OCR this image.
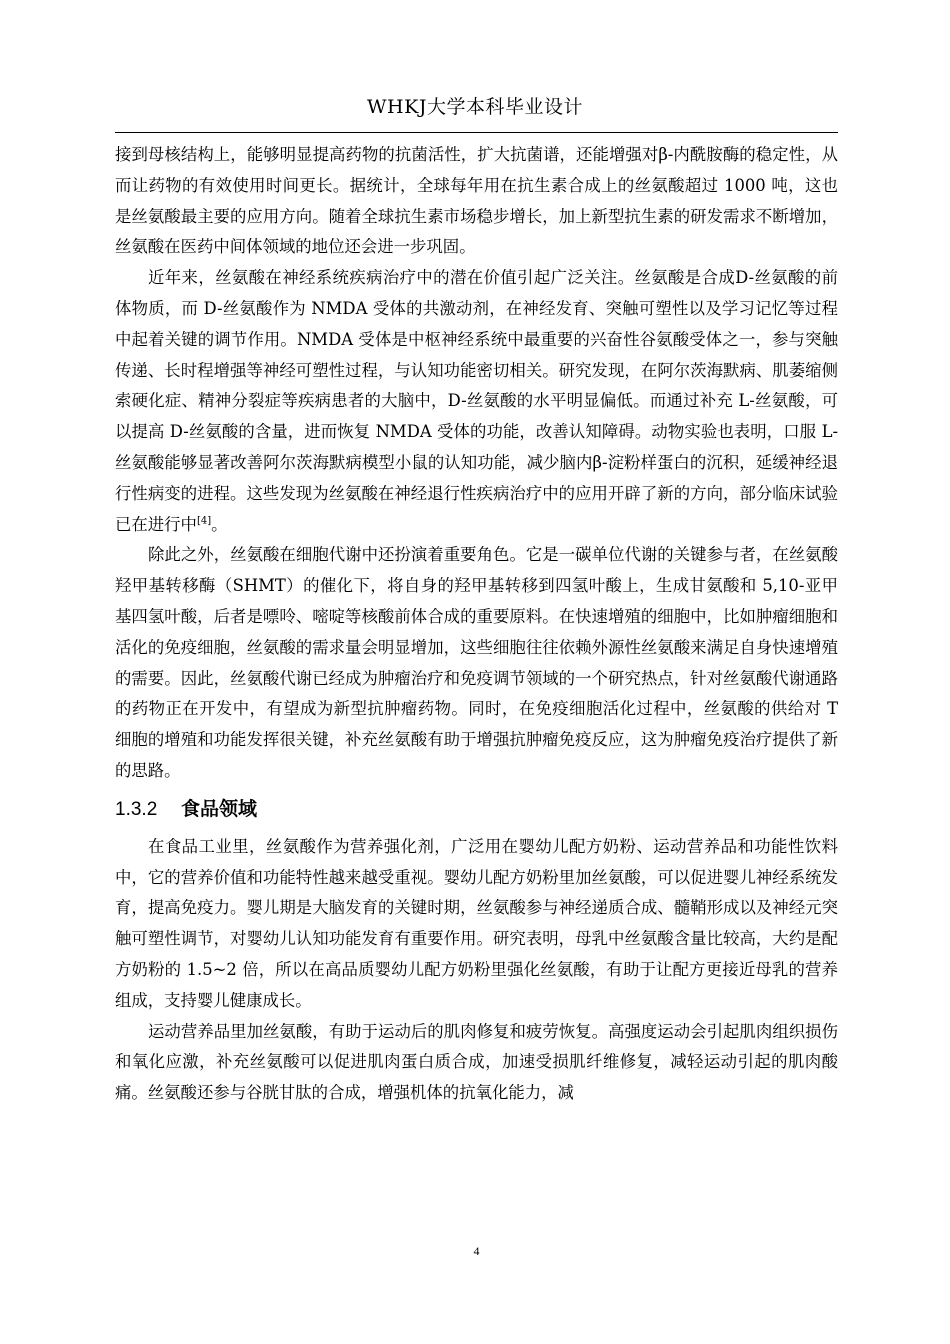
WHKJ大学本科毕业设计

接到母核结构上，能够明显提高药物的抗菌活性，扩大抗菌谱，还能增强对β-内酰胺酶的稳定性，从而让药物的有效使用时间更长。据统计，全球每年用在抗生素合成上的丝氨酸超过 1000 吨，这也是丝氨酸最主要的应用方向。随着全球抗生素市场稳步增长，加上新型抗生素的研发需求不断增加，丝氨酸在医药中间体领域的地位还会进一步巩固。

近年来，丝氨酸在神经系统疾病治疗中的潜在价值引起广泛关注。丝氨酸是合成D-丝氨酸的前体物质，而 D-丝氨酸作为 NMDA 受体的共激动剂，在神经发育、突触可塑性以及学习记忆等过程中起着关键的调节作用。NMDA 受体是中枢神经系统中最重要的兴奋性谷氨酸受体之一，参与突触传递、长时程增强等神经可塑性过程，与认知功能密切相关。研究发现，在阿尔茨海默病、肌萎缩侧索硬化症、精神分裂症等疾病患者的大脑中，D-丝氨酸的水平明显偏低。而通过补充 L-丝氨酸，可以提高 D-丝氨酸的含量，进而恢复 NMDA 受体的功能，改善认知障碍。动物实验也表明，口服 L-丝氨酸能够显著改善阿尔茨海默病模型小鼠的认知功能，减少脑内β-淀粉样蛋白的沉积，延缓神经退行性病变的进程。这些发现为丝氨酸在神经退行性疾病治疗中的应用开辟了新的方向，部分临床试验已在进行中[4]。

除此之外，丝氨酸在细胞代谢中还扮演着重要角色。它是一碳单位代谢的关键参与者，在丝氨酸羟甲基转移酶（SHMT）的催化下，将自身的羟甲基转移到四氢叶酸上，生成甘氨酸和 5,10-亚甲基四氢叶酸，后者是嘌呤、嘧啶等核酸前体合成的重要原料。在快速增殖的细胞中，比如肿瘤细胞和活化的免疫细胞，丝氨酸的需求量会明显增加，这些细胞往往依赖外源性丝氨酸来满足自身快速增殖的需要。因此，丝氨酸代谢已经成为肿瘤治疗和免疫调节领域的一个研究热点，针对丝氨酸代谢通路的药物正在开发中，有望成为新型抗肿瘤药物。同时，在免疫细胞活化过程中，丝氨酸的供给对 T 细胞的增殖和功能发挥很关键，补充丝氨酸有助于增强抗肿瘤免疫反应，这为肿瘤免疫治疗提供了新的思路。

1.3.2 食品领域

在食品工业里，丝氨酸作为营养强化剂，广泛用在婴幼儿配方奶粉、运动营养品和功能性饮料中，它的营养价值和功能特性越来越受重视。婴幼儿配方奶粉里加丝氨酸，可以促进婴儿神经系统发育，提高免疫力。婴儿期是大脑发育的关键时期，丝氨酸参与神经递质合成、髓鞘形成以及神经元突触可塑性调节，对婴幼儿认知功能发育有重要作用。研究表明，母乳中丝氨酸含量比较高，大约是配方奶粉的 1.5~2 倍，所以在高品质婴幼儿配方奶粉里强化丝氨酸，有助于让配方更接近母乳的营养组成，支持婴儿健康成长。

运动营养品里加丝氨酸，有助于运动后的肌肉修复和疲劳恢复。高强度运动会引起肌肉组织损伤和氧化应激，补充丝氨酸可以促进肌肉蛋白质合成，加速受损肌纤维修复，减轻运动引起的肌肉酸痛。丝氨酸还参与谷胱甘肽的合成，增强机体的抗氧化能力，减

4
